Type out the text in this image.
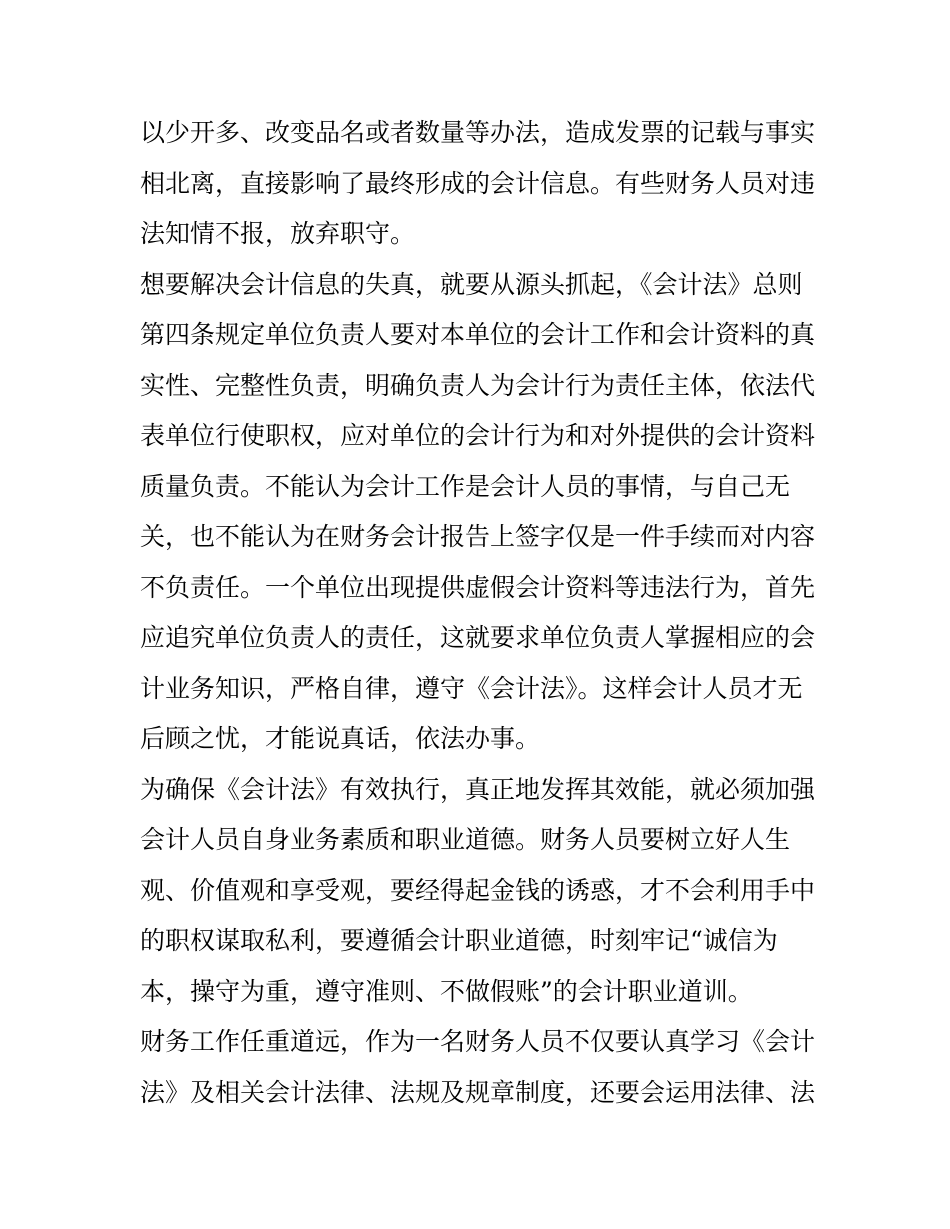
以少开多、改变品名或者数量等办法，造成发票的记载与事实
相北离，直接影响了最终形成的会计信息。有些财务人员对违
法知情不报，放弃职守。
想要解决会计信息的失真，就要从源头抓起，《会计法》总则
第四条规定单位负责人要对本单位的会计工作和会计资料的真
实性、完整性负责，明确负责人为会计行为责任主体，依法代
表单位行使职权，应对单位的会计行为和对外提供的会计资料
质量负责。不能认为会计工作是会计人员的事情，与自己无
关，也不能认为在财务会计报告上签字仅是一件手续而对内容
不负责任。一个单位出现提供虚假会计资料等违法行为，首先
应追究单位负责人的责任，这就要求单位负责人掌握相应的会
计业务知识，严格自律，遵守《会计法》。这样会计人员才无
后顾之忧，才能说真话，依法办事。
为确保《会计法》有效执行，真正地发挥其效能，就必须加强
会计人员自身业务素质和职业道德。财务人员要树立好人生
观、价值观和享受观，要经得起金钱的诱惑，才不会利用手中
的职权谋取私利，要遵循会计职业道德，时刻牢记“诚信为
本，操守为重，遵守准则、不做假账”的会计职业道训。
财务工作任重道远，作为一名财务人员不仅要认真学习《会计
法》及相关会计法律、法规及规章制度，还要会运用法律、法
